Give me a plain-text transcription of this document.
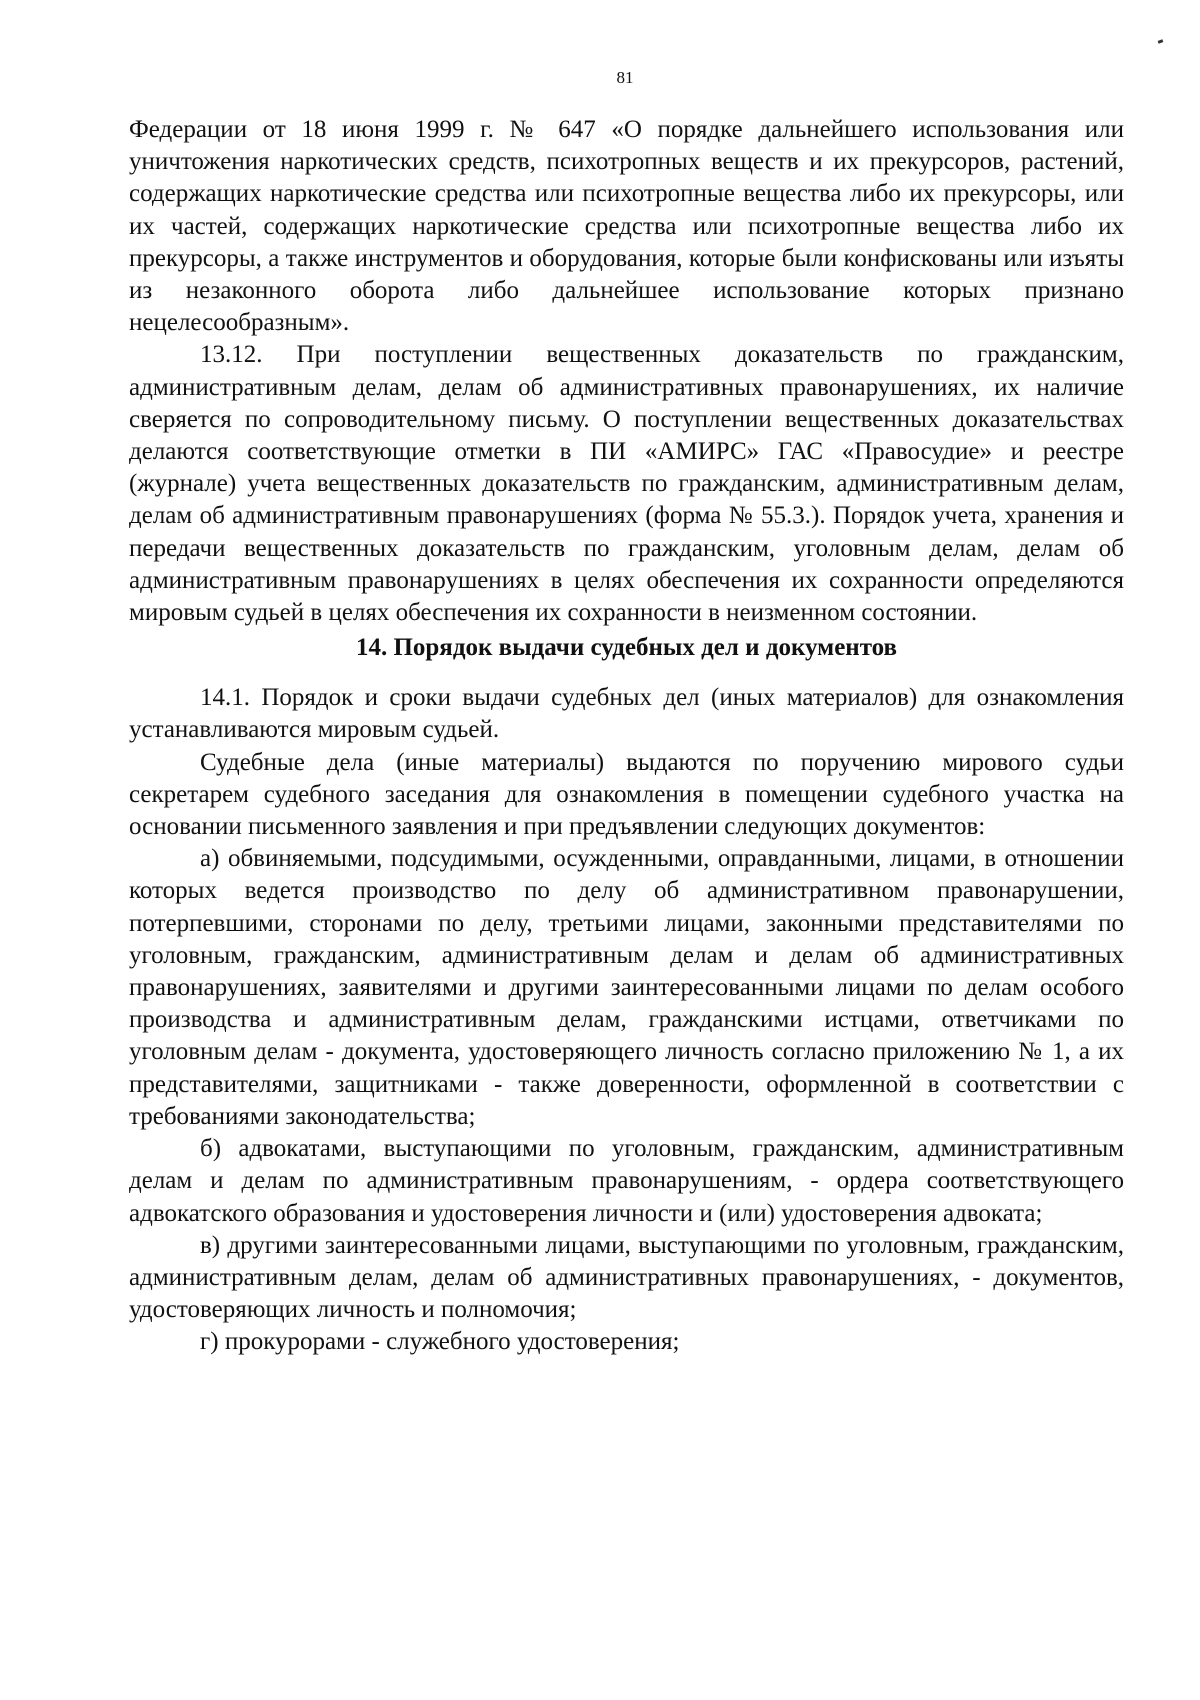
81

Федерации от 18 июня 1999 г. № 647 «О порядке дальнейшего использования или уничтожения наркотических средств, психотропных веществ и их прекурсоров, растений, содержащих наркотические средства или психотропные вещества либо их прекурсоры, или их частей, содержащих наркотические средства или психотропные вещества либо их прекурсоры, а также инструментов и оборудования, которые были конфискованы или изъяты из незаконного оборота либо дальнейшее использование которых признано нецелесообразным».

13.12. При поступлении вещественных доказательств по гражданским, административным делам, делам об административных правонарушениях, их наличие сверяется по сопроводительному письму. О поступлении вещественных доказательствах делаются соответствующие отметки в ПИ «АМИРС» ГАС «Правосудие» и реестре (журнале) учета вещественных доказательств по гражданским, административным делам, делам об административным правонарушениях (форма № 55.3.). Порядок учета, хранения и передачи вещественных доказательств по гражданским, уголовным делам, делам об административным правонарушениях в целях обеспечения их сохранности определяются мировым судьей в целях обеспечения их сохранности в неизменном состоянии.

14. Порядок выдачи судебных дел и документов

14.1. Порядок и сроки выдачи судебных дел (иных материалов) для ознакомления устанавливаются мировым судьей.

Судебные дела (иные материалы) выдаются по поручению мирового судьи секретарем судебного заседания для ознакомления в помещении судебного участка на основании письменного заявления и при предъявлении следующих документов:

а) обвиняемыми, подсудимыми, осужденными, оправданными, лицами, в отношении которых ведется производство по делу об административном правонарушении, потерпевшими, сторонами по делу, третьими лицами, законными представителями по уголовным, гражданским, административным делам и делам об административных правонарушениях, заявителями и другими заинтересованными лицами по делам особого производства и административным делам, гражданскими истцами, ответчиками по уголовным делам - документа, удостоверяющего личность согласно приложению № 1, а их представителями, защитниками - также доверенности, оформленной в соответствии с требованиями законодательства;

б) адвокатами, выступающими по уголовным, гражданским, административным делам и делам по административным правонарушениям, - ордера соответствующего адвокатского образования и удостоверения личности и (или) удостоверения адвоката;

в) другими заинтересованными лицами, выступающими по уголовным, гражданским, административным делам, делам об административных правонарушениях, - документов, удостоверяющих личность и полномочия;

г) прокурорами - служебного удостоверения;
